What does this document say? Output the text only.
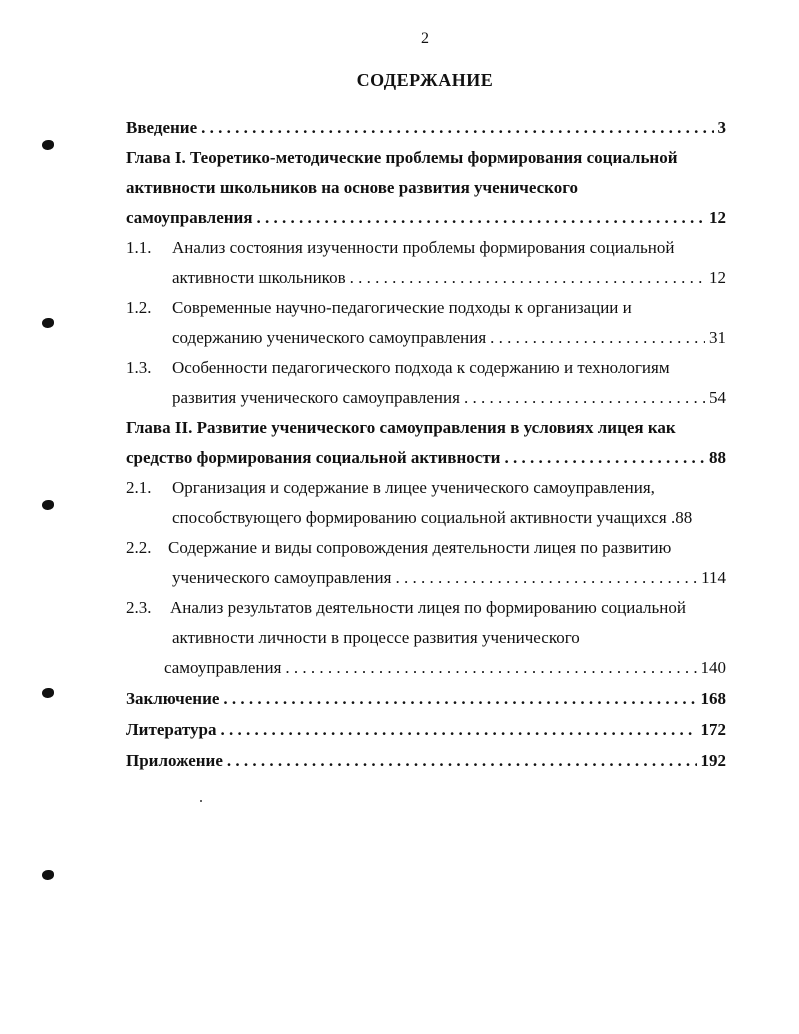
2
СОДЕРЖАНИЕ
Введение . . .	3
Глава I. Теоретико-методические проблемы формирования социальной
активности школьников на основе развития ученического
самоуправления . . .	12
1.1. Анализ состояния изученности проблемы формирования социальной
активности школьников . . .	12
1.2. Современные научно-педагогические подходы к организации и
содержанию ученического самоуправления . . .	31
1.3. Особенности педагогического подхода к содержанию и технологиям
развития ученического самоуправления . . .	54
Глава II. Развитие ученического самоуправления в условиях лицея как
средство формирования социальной активности . . .	88
2.1. Организация и содержание в лицее ученического самоуправления,
способствующего формированию социальной активности учащихся .88
2.2. Содержание и виды сопровождения деятельности лицея по развитию
ученического самоуправления . . .	114
2.3. Анализ результатов деятельности лицея по формированию социальной
активности личности в процессе развития ученического
самоуправления . . .	140
Заключение . . .	168
Литература . . .	172
Приложение . . .	192
